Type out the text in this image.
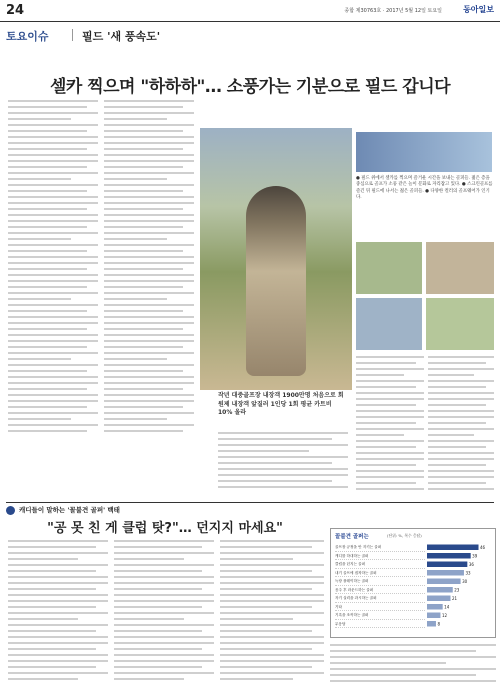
24	종합 제30763호 · 2017년 5월 12일 토요일	동아일보
토요이슈	필드 '새 풍속도'
셀카 찍으며 "하하하"… 소풍가는 기분으로 필드 갑니다
● 필드 위에서 셀카를 찍으며 즐거운 시간을 보내는 골퍼들. 젊은 층을 중심으로 골프가 소풍 같은 놀이 문화로 자리잡고 있다. ● 스크린골프를 즐긴 뒤 필드에 나서는 젊은 골퍼들. ● 다양한 컬러의 골프웨어가 인기다.
작년 대중골프장 내장객 1900만명 처음으로 회원제 내장객 앞질러 1인당 1회 평균 카트비 10% 올라
캐디들이 말하는 '꼴불견 골퍼' 백태
"공 못 친 게 클럽 탓?"… 던지지 마세요"
꼴불견 골퍼는	(단위: %, 복수 응답)
골프장 규정을 안 지키는 골퍼
캐디를 하대하는 골퍼
클럽을 던지는 골퍼
내기 골프에 집착하는 골퍼
늑장 플레이하는 골퍼
음주 후 라운드하는 골퍼
자기 실력을 과시하는 골퍼
기타
기록을 조작하는 골퍼
무응답
46
39
36
33
30
23
21
14
12
8
